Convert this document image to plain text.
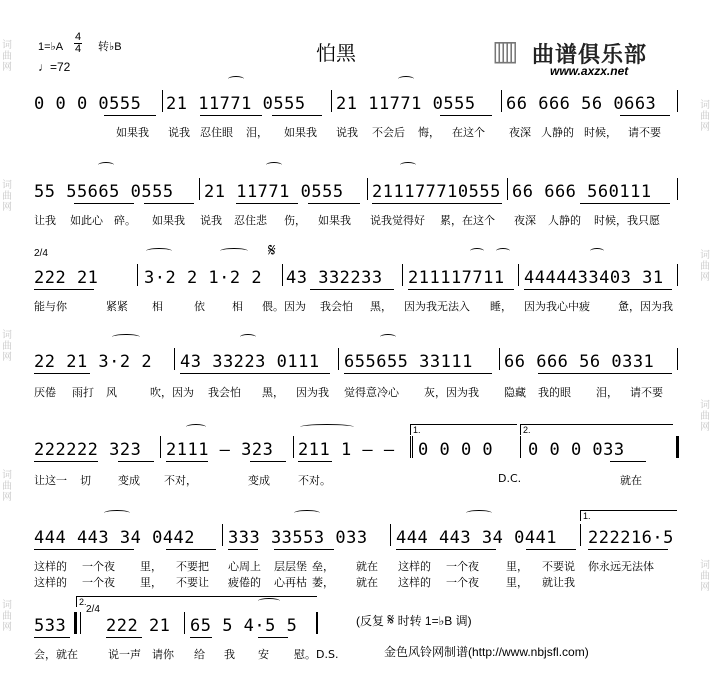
词曲网
词曲网
词曲网
词曲网
词曲网
词曲网
词曲网
词曲网
词曲网
1=♭A
4
4 转♭B
♩=72
怕黑	▥ 曲谱俱乐部
www.axzx.net
0 0 0 0555 21 11771 0555 21 11771 0555 66 666 56 0663
如果我 说我 忍住眼 泪， 如果我 说我 不会后 悔， 在这个 夜深 人静的 时候， 请不要
55 55665 0555 21 11771 0555 211177710555 66 666 560111
让我 如此心 碎。 如果我 说我 忍住悲 伤， 如果我 说我觉得好 累，在这个 夜深 人静的 时候，我只愿
2/4	𝄋
222 21	3·2 2 1·2 2 43 332233 211117711 4444433403 31
能与你	紧紧 相	依 相 偎。因为 我会怕 黑， 因为我无法入 睡， 因为我心中疲	惫，因为我
22 21 3·2 2 43 33223 0111 655655 33111 66 666 56 0331
厌倦 雨打 风	吹，因为 我会怕 黑， 因为我 觉得意冷心 灰，因为我 隐藏 我的眼 泪， 请不要
1.	2.
222222 323 2111 – 323 211 1 – – 0 0 0 0 0 0 0 033
让这一 切 变成 不对，	变成	不对。	D.C.	就在
1.
444 443 34 0442 333 33553 033 444 443 34 0441 222216·5
这样的 一个夜 里， 不要把 心周上 层层堡 垒， 就在 这样的 一个夜 里， 不要说 你永远无法体
这样的 一个夜 里， 不要让 疲倦的 心再枯 萎， 就在 这样的 一个夜 里， 就让我
2.
2/4
533 222 21 65 5 4·5 5
会，就在	说一声 请你 给 我 安 慰。D.S.
(反复 𝄋 时转 1=♭B 调)
金色风铃网制谱(http://www.nbjsfl.com)
